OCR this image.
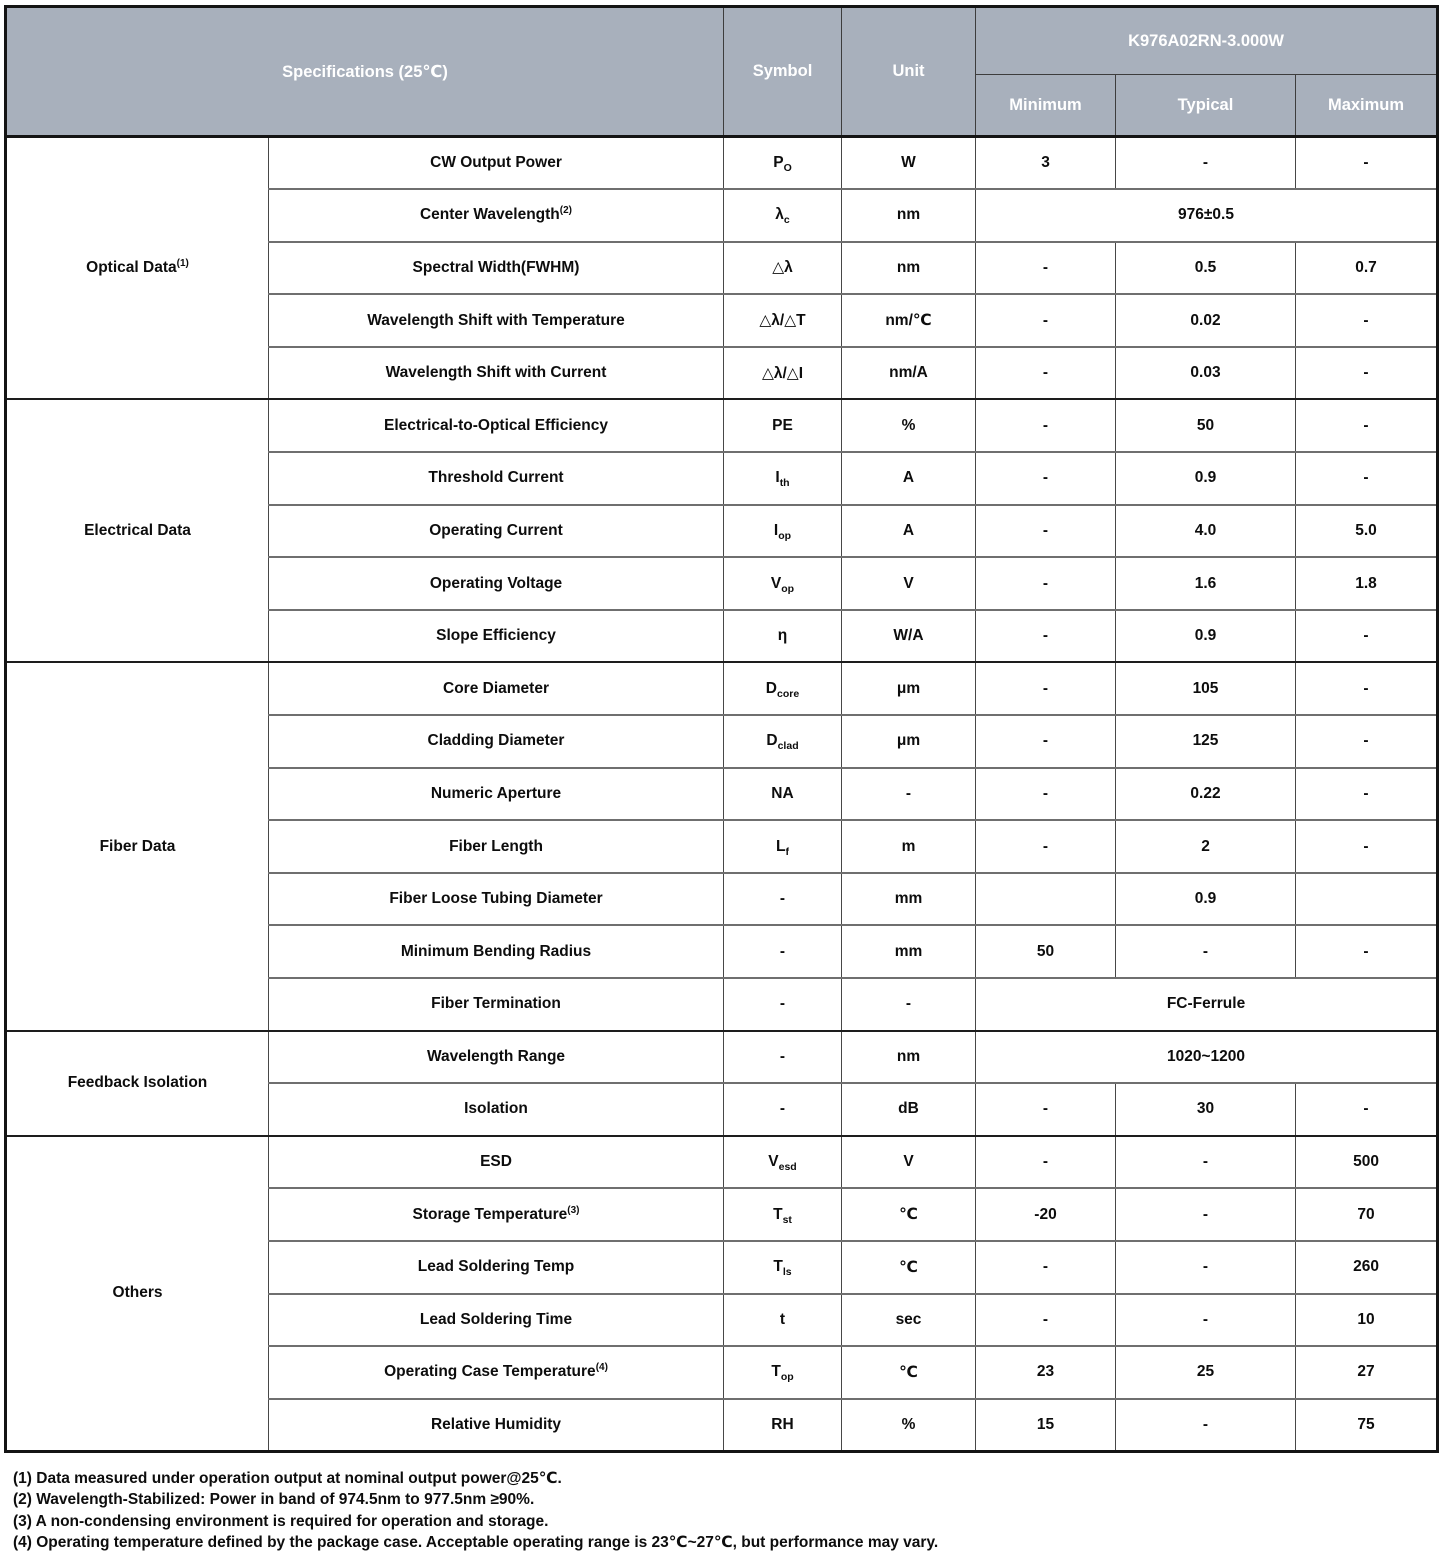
Specifications (25℃)		Symbol	Unit	K976A02RN-3.000W		
				Minimum	Typical	Maximum
Optical Data$^{(1)}$	CW Output Power	$P_O$	W	3	-	-
	Center Wavelength$^{(2)}$	$\lambda_c$	nm	976±0.5		
	Spectral Width(FWHM)	△λ	nm	-	0.5	0.7
	Wavelength Shift with Temperature	△λ/△T	nm/℃	-	0.02	-
	Wavelength Shift with Current	△λ/△I	nm/A	-	0.03	-
Electrical Data	Electrical-to-Optical Efficiency	PE	%	-	50	-
	Threshold Current	$I_{th}$	A	-	0.9	-
	Operating Current	$I_{op}$	A	-	4.0	5.0
	Operating Voltage	$V_{op}$	V	-	1.6	1.8
	Slope Efficiency	η	W/A	-	0.9	-
Fiber Data	Core Diameter	$D_{core}$	μm	-	105	-
	Cladding Diameter	$D_{clad}$	μm	-	125	-
	Numeric Aperture	NA	-	-	0.22	-
	Fiber Length	$L_f$	m	-	2	-
	Fiber Loose Tubing Diameter	-	mm		0.9	
	Minimum Bending Radius	-	mm	50	-	-
	Fiber Termination	-	-	FC-Ferrule		
Feedback Isolation	Wavelength Range	-	nm	1020~1200		
	Isolation	-	dB	-	30	-
Others	ESD	$V_{esd}$	V	-	-	500
	Storage Temperature$^{(3)}$	$T_{st}$	℃	-20	-	70
	Lead Soldering Temp	$T_{ls}$	℃	-	-	260
	Lead Soldering Time	t	sec	-	-	10
	Operating Case Temperature$^{(4)}$	$T_{op}$	℃	23	25	27
	Relative Humidity	RH	%	15	-	75
(1) Data measured under operation output at nominal output power@25℃.
(2) Wavelength-Stabilized: Power in band of 974.5nm to 977.5nm ≥90%.
(3) A non-condensing environment is required for operation and storage.
(4) Operating temperature defined by the package case. Acceptable operating range is 23℃~27℃, but performance may vary.
